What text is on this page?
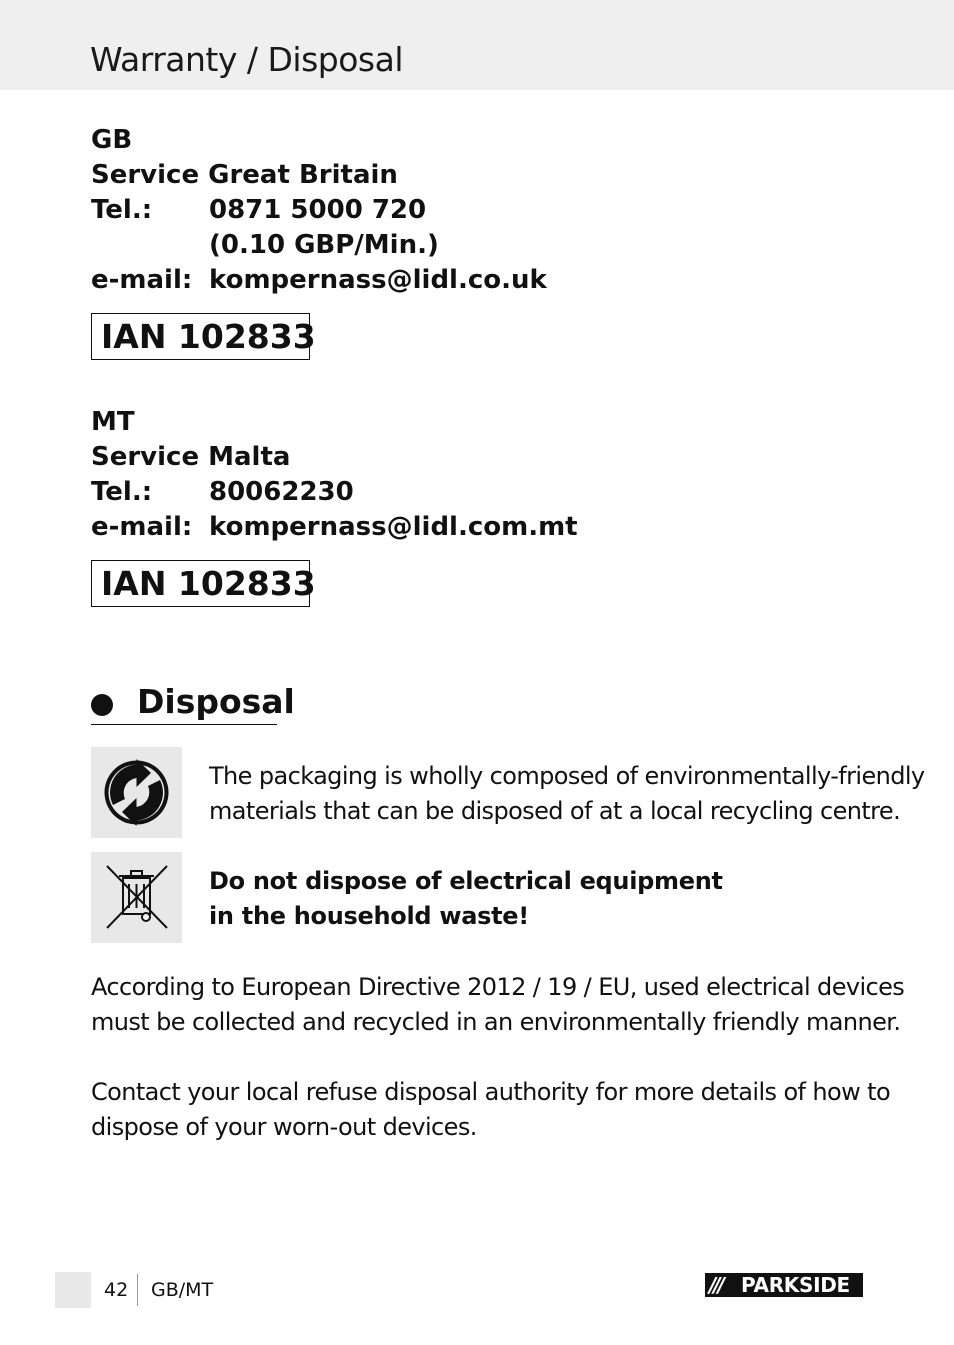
Warranty / Disposal
GB
Service Great Britain
Tel.: 0871 5000 720
(0.10 GBP/Min.)
e-mail: kompernass@lidl.co.uk
IAN 102833
MT
Service Malta
Tel.: 80062230
e-mail: kompernass@lidl.com.mt
IAN 102833
Disposal
The packaging is wholly composed of environmentally-friendly
materials that can be disposed of at a local recycling centre.
Do not dispose of electrical equipment
in the household waste!
According to European Directive 2012 / 19 / EU, used electrical devices
must be collected and recycled in an environmentally friendly manner.
Contact your local refuse disposal authority for more details of how to
dispose of your worn-out devices.
42 GB/MT	/// PARKSIDE
